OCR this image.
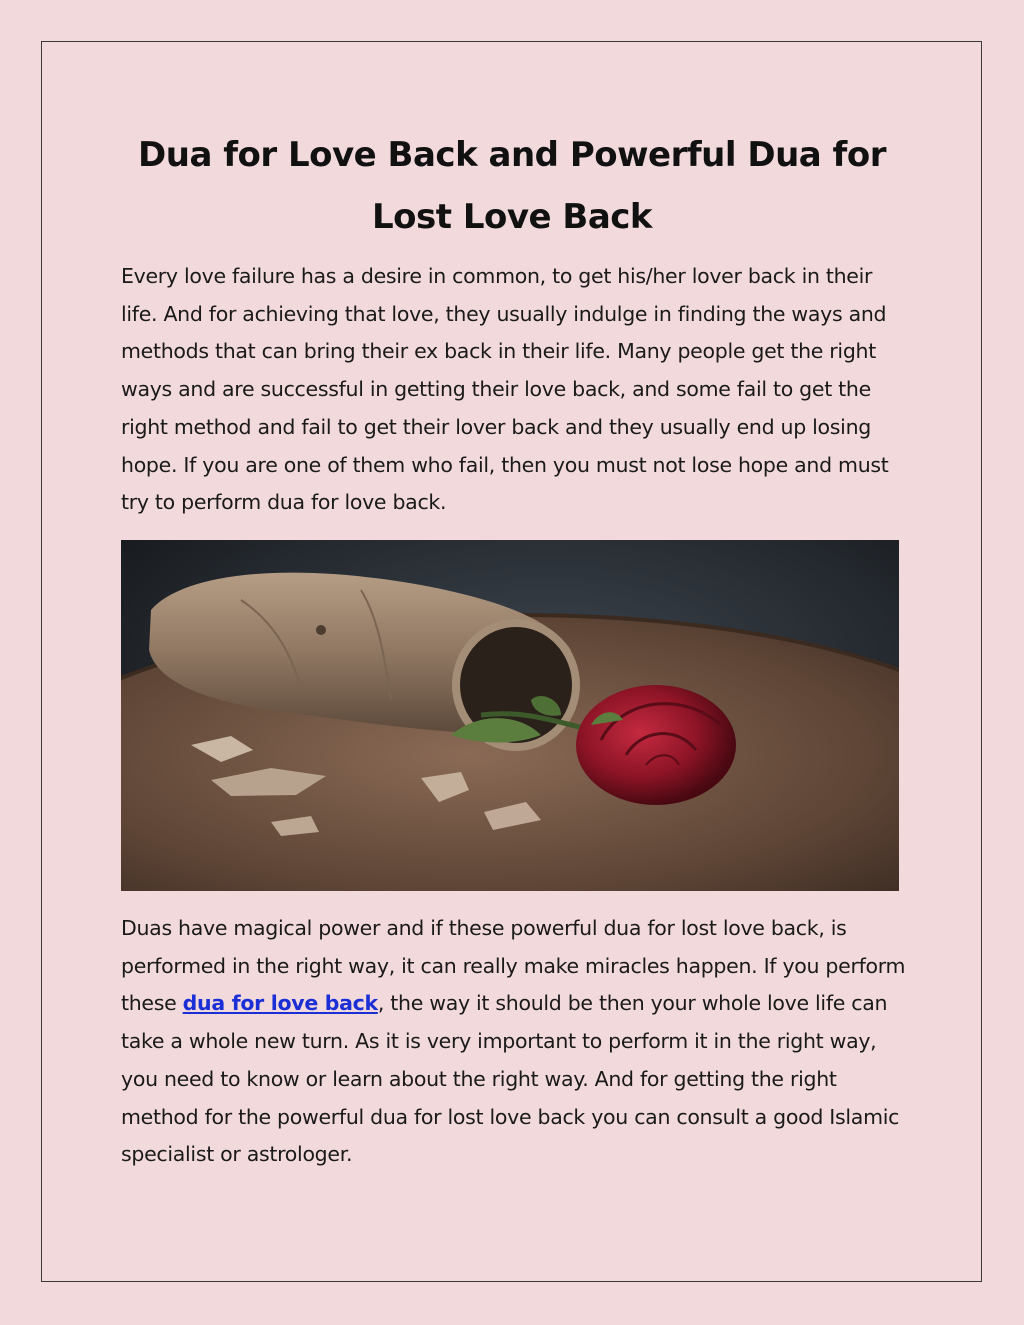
Dua for Love Back and Powerful Dua for
Lost Love Back

Every love failure has a desire in common, to get his/her lover back in their life. And for achieving that love, they usually indulge in finding the ways and methods that can bring their ex back in their life. Many people get the right ways and are successful in getting their love back, and some fail to get the right method and fail to get their lover back and they usually end up losing hope. If you are one of them who fail, then you must not lose hope and must try to perform dua for love back.

Duas have magical power and if these powerful dua for lost love back, is performed in the right way, it can really make miracles happen. If you perform these dua for love back, the way it should be then your whole love life can take a whole new turn. As it is very important to perform it in the right way, you need to know or learn about the right way. And for getting the right method for the powerful dua for lost love back you can consult a good Islamic specialist or astrologer.
